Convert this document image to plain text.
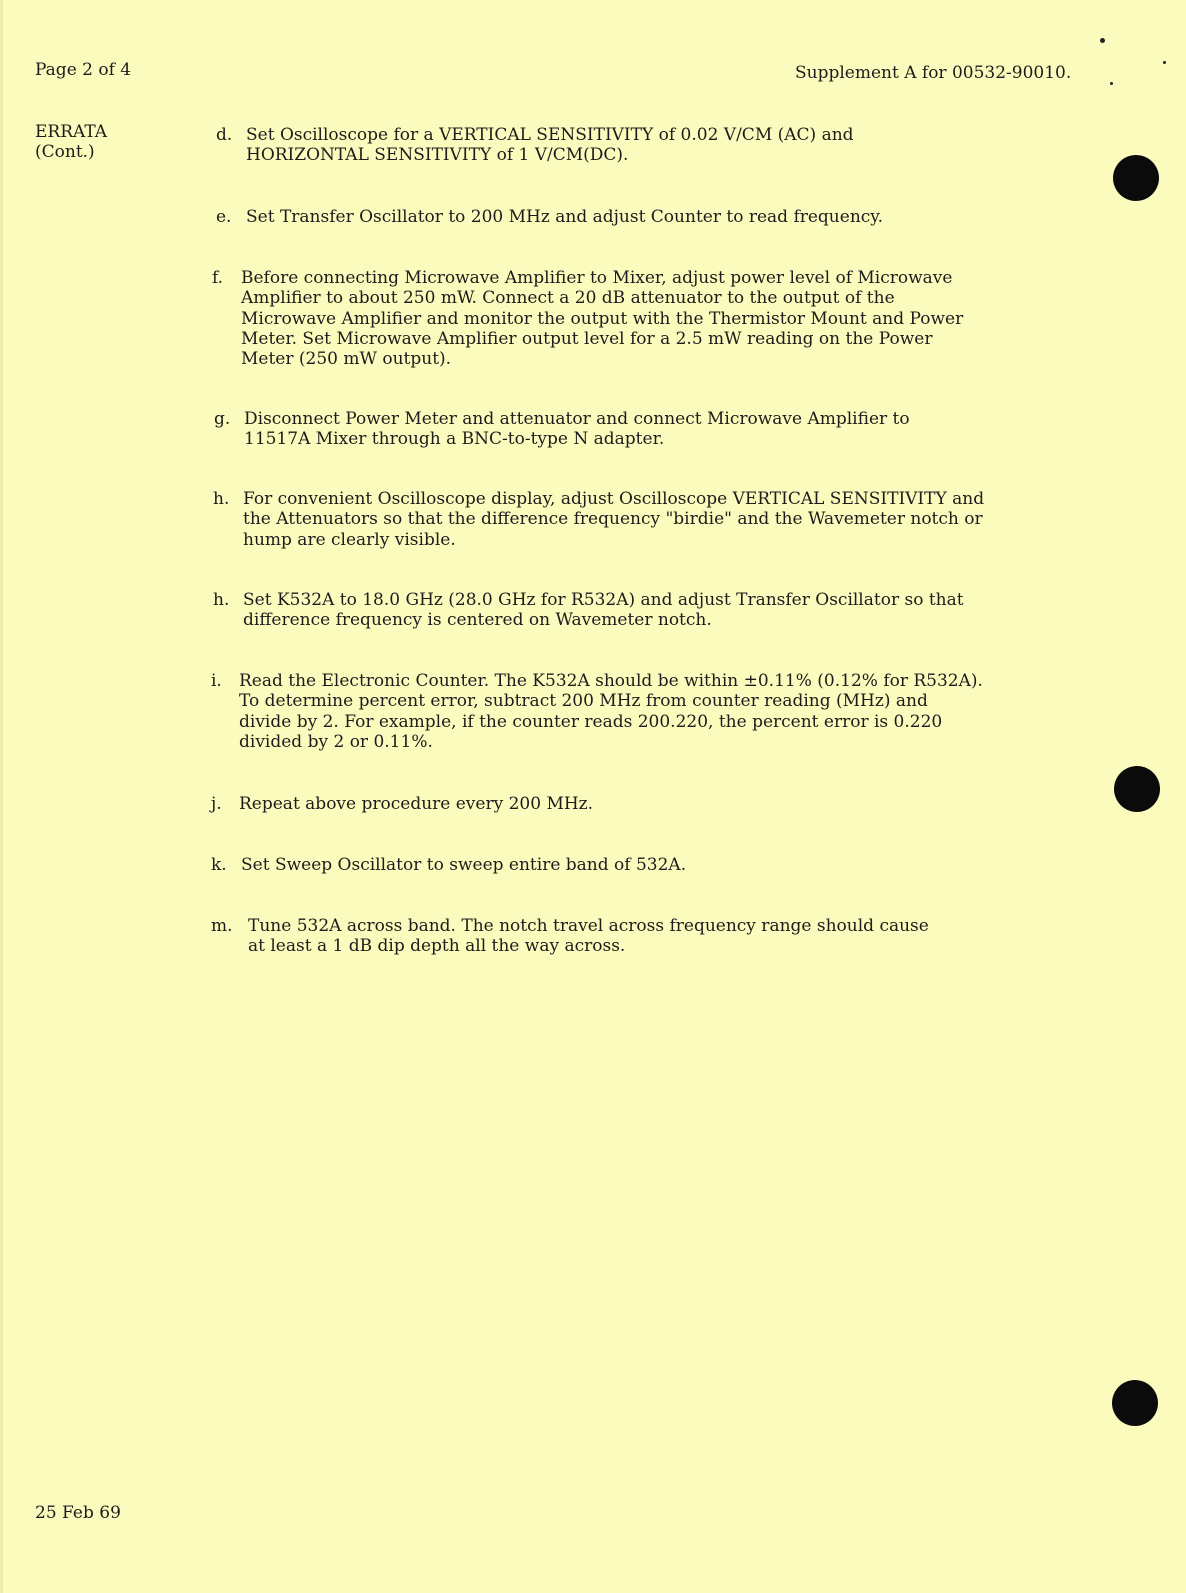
Page 2 of 4	Supplement A for 00532-90010.
ERRATA
(Cont.)
d. Set Oscilloscope for a VERTICAL SENSITIVITY of 0.02 V/CM (AC) and
HORIZONTAL SENSITIVITY of 1 V/CM(DC).
e. Set Transfer Oscillator to 200 MHz and adjust Counter to read frequency.
f. Before connecting Microwave Amplifier to Mixer, adjust power level of Microwave
Amplifier to about 250 mW. Connect a 20 dB attenuator to the output of the
Microwave Amplifier and monitor the output with the Thermistor Mount and Power
Meter. Set Microwave Amplifier output level for a 2.5 mW reading on the Power
Meter (250 mW output).
g. Disconnect Power Meter and attenuator and connect Microwave Amplifier to
11517A Mixer through a BNC-to-type N adapter.
h. For convenient Oscilloscope display, adjust Oscilloscope VERTICAL SENSITIVITY and
the Attenuators so that the difference frequency "birdie" and the Wavemeter notch or
hump are clearly visible.
h. Set K532A to 18.0 GHz (28.0 GHz for R532A) and adjust Transfer Oscillator so that
difference frequency is centered on Wavemeter notch.
i. Read the Electronic Counter. The K532A should be within ±0.11% (0.12% for R532A).
To determine percent error, subtract 200 MHz from counter reading (MHz) and
divide by 2. For example, if the counter reads 200.220, the percent error is 0.220
divided by 2 or 0.11%.
j. Repeat above procedure every 200 MHz.
k. Set Sweep Oscillator to sweep entire band of 532A.
m. Tune 532A across band. The notch travel across frequency range should cause
at least a 1 dB dip depth all the way across.
25 Feb 69
